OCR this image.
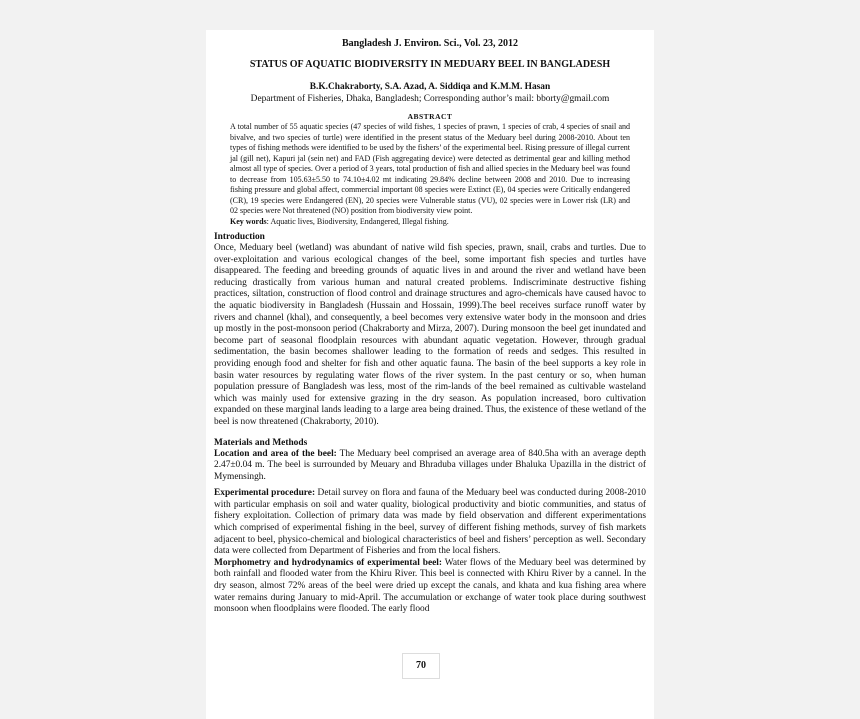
Bangladesh J. Environ. Sci., Vol. 23, 2012
STATUS OF AQUATIC BIODIVERSITY IN MEDUARY BEEL IN BANGLADESH
B.K.Chakraborty, S.A. Azad, A. Siddiqa and K.M.M. Hasan
Department of Fisheries, Dhaka, Bangladesh; Corresponding author’s mail: bborty@gmail.com
ABSTRACT

A total number of 55 aquatic species (47 species of wild fishes, 1 species of prawn, 1 species of crab, 4 species of snail and bivalve, and two species of turtle) were identified in the present status of the Meduary beel during 2008-2010. About ten types of fishing methods were identified to be used by the fishers’ of the experimental beel. Rising pressure of illegal current jal (gill net), Kapuri jal (sein net) and FAD (Fish aggregating device) were detected as detrimental gear and killing method almost all type of species. Over a period of 3 years, total production of fish and allied species in the Meduary beel was found to decrease from 105.63±5.50 to 74.10±4.02 mt indicating 29.84% decline between 2008 and 2010. Due to increasing fishing pressure and global affect, commercial important 08 species were Extinct (E), 04 species were Critically endangered (CR), 19 species were Endangered (EN), 20 species were Vulnerable status (VU), 02 species were in Lower risk (LR) and 02 species were Not threatened (NO) position from biodiversity view point.

Key words: Aquatic lives, Biodiversity, Endangered, Illegal fishing.
Introduction

Once, Meduary beel (wetland) was abundant of native wild fish species, prawn, snail, crabs and turtles. Due to over-exploitation and various ecological changes of the beel, some important fish species and turtles have disappeared. The feeding and breeding grounds of aquatic lives in and around the river and wetland have been reducing drastically from various human and natural created problems. Indiscriminate destructive fishing practices, siltation, construction of flood control and drainage structures and agro-chemicals have caused havoc to the aquatic biodiversity in Bangladesh (Hussain and Hossain, 1999).The beel receives surface runoff water by rivers and channel (khal), and consequently, a beel becomes very extensive water body in the monsoon and dries up mostly in the post-monsoon period (Chakraborty and Mirza, 2007). During monsoon the beel get inundated and become part of seasonal floodplain resources with abundant aquatic vegetation. However, through gradual sedimentation, the basin becomes shallower leading to the formation of reeds and sedges. This resulted in providing enough food and shelter for fish and other aquatic fauna. The basin of the beel supports a key role in basin water resources by regulating water flows of the river system. In the past century or so, when human population pressure of Bangladesh was less, most of the rim-lands of the beel remained as cultivable wasteland which was mainly used for extensive grazing in the dry season. As population increased, boro cultivation expanded on these marginal lands leading to a large area being drained. Thus, the existence of these wetland of the beel is now threatened (Chakraborty, 2010).

Materials and Methods

Location and area of the beel: The Meduary beel comprised an average area of 840.5ha with an average depth 2.47±0.04 m. The beel is surrounded by Meuary and Bhraduba villages under Bhaluka Upazilla in the district of Mymensingh.

Experimental procedure: Detail survey on flora and fauna of the Meduary beel was conducted during 2008-2010 with particular emphasis on soil and water quality, biological productivity and biotic communities, and status of fishery exploitation. Collection of primary data was made by field observation and different experimentations which comprised of experimental fishing in the beel, survey of different fishing methods, survey of fish markets adjacent to beel, physico-chemical and biological characteristics of beel and fishers’ perception as well. Secondary data were collected from Department of Fisheries and from the local fishers.

Morphometry and hydrodynamics of experimental beel: Water flows of the Meduary beel was determined by both rainfall and flooded water from the Khiru River. This beel is connected with Khiru River by a cannel. In the dry season, almost 72% areas of the beel were dried up except the canals, and khata and kua fishing area where water remains during January to mid-April. The accumulation or exchange of water took place during southwest monsoon when floodplains were flooded. The early flood

70
